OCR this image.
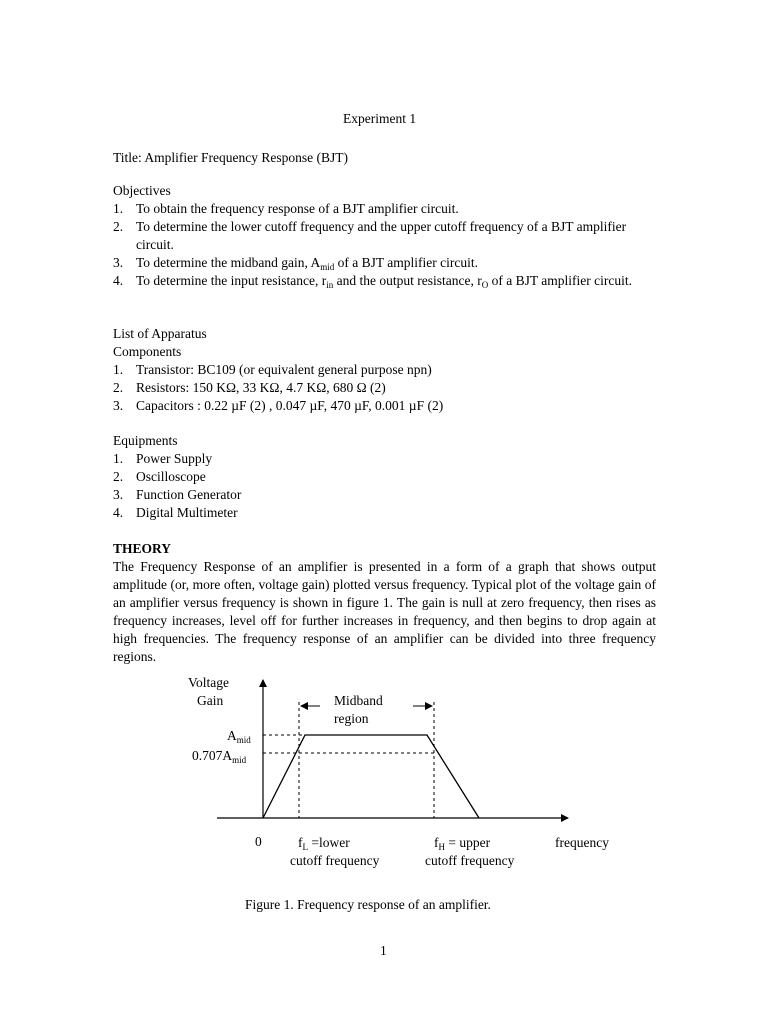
Experiment 1
Title: Amplifier Frequency Response (BJT)
Objectives
1. To obtain the frequency response of a BJT amplifier circuit.
2. To determine the lower cutoff frequency and the upper cutoff frequency of a BJT amplifier circuit.
3. To determine the midband gain, $A_{mid}$ of a BJT amplifier circuit.
4. To determine the input resistance, $r_{in}$ and the output resistance, $r_O$ of a BJT amplifier circuit.
List of Apparatus
Components
1. Transistor: BC109 (or equivalent general purpose npn)
2. Resistors: 150 KΩ, 33 KΩ, 4.7 KΩ, 680 Ω (2)
3. Capacitors : 0.22 µF (2) , 0.047 µF, 470 µF, 0.001 µF (2)
Equipments
1. Power Supply
2. Oscilloscope
3. Function Generator
4. Digital Multimeter
THEORY

The Frequency Response of an amplifier is presented in a form of a graph that shows output amplitude (or, more often, voltage gain) plotted versus frequency. Typical plot of the voltage gain of an amplifier versus frequency is shown in figure 1. The gain is null at zero frequency, then rises as frequency increases, level off for further increases in frequency, and then begins to drop again at high frequencies. The frequency response of an amplifier can be divided into three frequency regions.

Voltage
Gain
$A_{mid}$
$0.707A_{mid}$
Midband
region
0	$f_L$ =lower
cutoff frequency
$f_H$ = upper
cutoff frequency
frequency
Figure 1. Frequency response of an amplifier.
1
